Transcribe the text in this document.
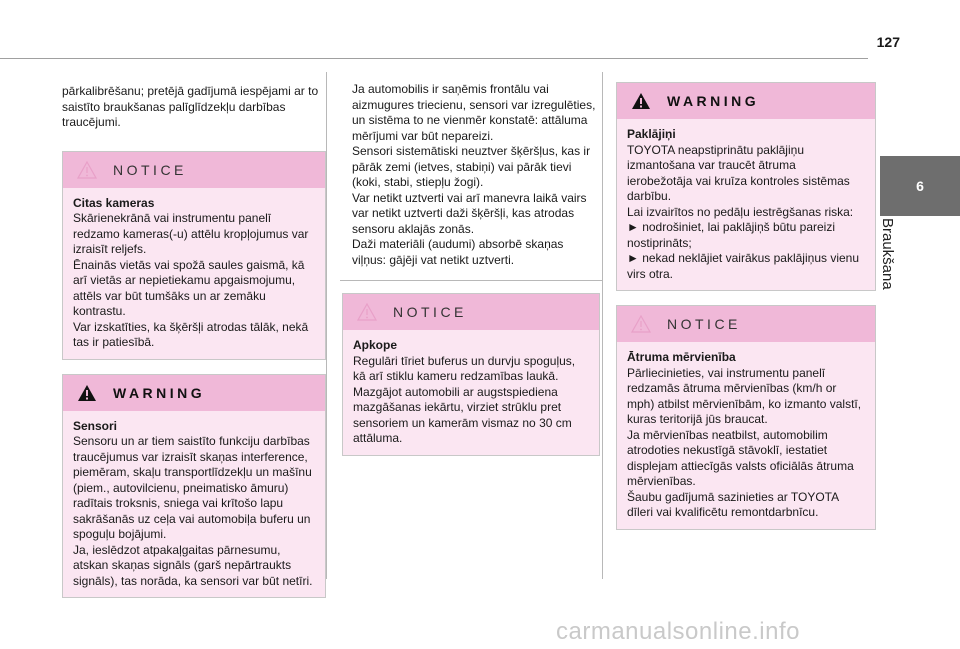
127
6
Braukšana
pārkalibrēšanu; pretējā gadījumā iespējami ar to saistīto braukšanas palīglīdzekļu darbības traucējumi.
NOTICE
Citas kameras
Skārienekrānā vai instrumentu panelī redzamo kameras(-u) attēlu kropļojumus var izraisīt reljefs.
Ēnainās vietās vai spožā saules gaismā, kā arī vietās ar nepietiekamu apgaismojumu, attēls var būt tumšāks un ar zemāku kontrastu.
Var izskatīties, ka šķēršļi atrodas tālāk, nekā tas ir patiesībā.
WARNING
Sensori
Sensoru un ar tiem saistīto funkciju darbības traucējumus var izraisīt skaņas interference, piemēram, skaļu transportlīdzekļu un mašīnu (piem., autovilcienu, pneimatisko āmuru) radītais troksnis, sniega vai krītošo lapu sakrāšanās uz ceļa vai automobiļa buferu un spoguļu bojājumi.
Ja, ieslēdzot atpakaļgaitas pārnesumu, atskan skaņas signāls (garš nepārtraukts signāls), tas norāda, ka sensori var būt netīri.
Ja automobilis ir saņēmis frontālu vai aizmugures triecienu, sensori var izregulēties, un sistēma to ne vienmēr konstatē: attāluma mērījumi var būt nepareizi.
Sensori sistemātiski neuztver šķēršļus, kas ir pārāk zemi (ietves, stabiņi) vai pārāk tievi (koki, stabi, stiepļu žogi).
Var netikt uztverti vai arī manevra laikā vairs var netikt uztverti daži šķēršļi, kas atrodas sensoru aklajās zonās.
Daži materiāli (audumi) absorbē skaņas viļņus: gājēji vat netikt uztverti.
NOTICE
Apkope
Regulāri tīriet buferus un durvju spoguļus, kā arī stiklu kameru redzamības laukā.
Mazgājot automobili ar augstspiediena mazgāšanas iekārtu, virziet strūklu pret sensoriem un kamerām vismaz no 30 cm attāluma.
WARNING
Paklājiņi
TOYOTA neapstiprinātu paklājiņu izmantošana var traucēt ātruma ierobežotāja vai kruīza kontroles sistēmas darbību.
Lai izvairītos no pedāļu iestrēgšanas riska:
► nodrošiniet, lai paklājiņš būtu pareizi nostiprināts;
► nekad neklājiet vairākus paklājiņus vienu virs otra.
NOTICE
Ātruma mērvienība
Pārliecinieties, vai instrumentu panelī redzamās ātruma mērvienības (km/h or mph) atbilst mērvienībām, ko izmanto valstī, kuras teritorijā jūs braucat.
Ja mērvienības neatbilst, automobilim atrodoties nekustīgā stāvoklī, iestatiet displejam attiecīgās valsts oficiālās ātruma mērvienības.
Šaubu gadījumā sazinieties ar TOYOTA dīleri vai kvalificētu remontdarbnīcu.
carmanualsonline.info
